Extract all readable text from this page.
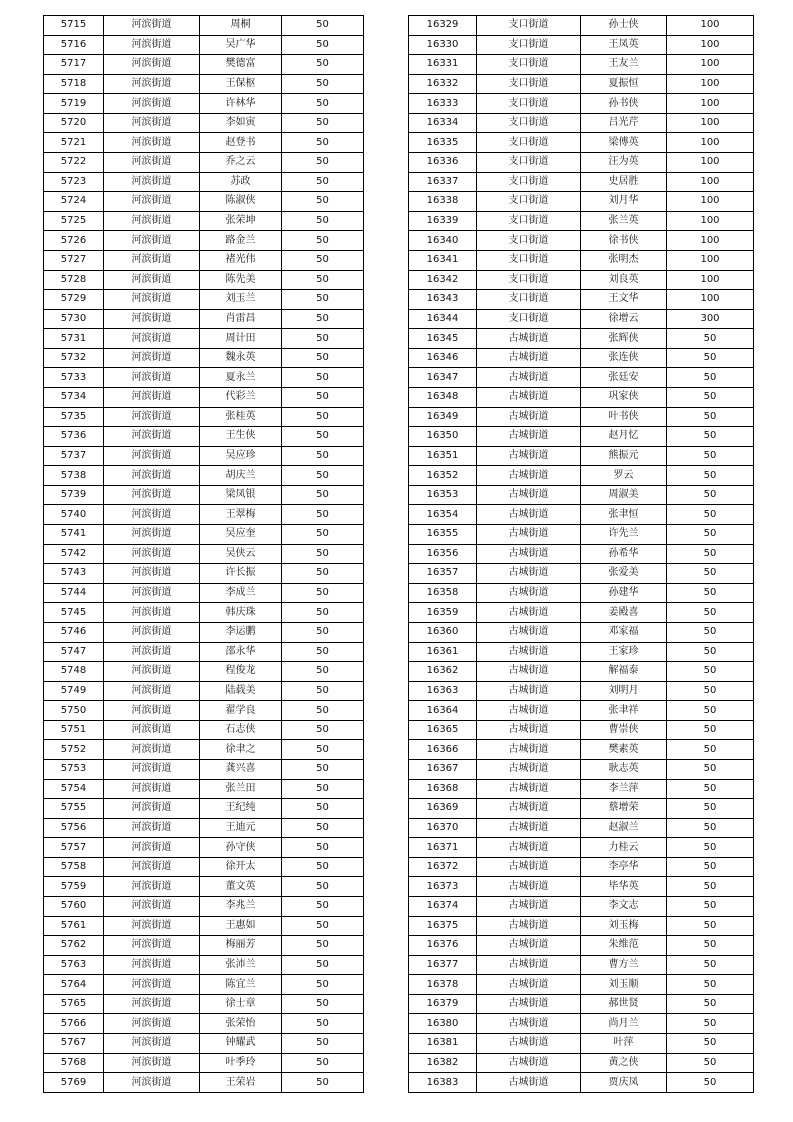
5715	河滨街道	周桐	50
5716	河滨街道	吴广华	50
5717	河滨街道	樊德富	50
5718	河滨街道	王保枢	50
5719	河滨街道	许林华	50
5720	河滨街道	李如寅	50
5721	河滨街道	赵登书	50
5722	河滨街道	乔之云	50
5723	河滨街道	苏政	50
5724	河滨街道	陈淑侠	50
5725	河滨街道	张荣坤	50
5726	河滨街道	路金兰	50
5727	河滨街道	褚光伟	50
5728	河滨街道	陈先美	50
5729	河滨街道	刘玉兰	50
5730	河滨街道	肖雷昌	50
5731	河滨街道	周计田	50
5732	河滨街道	魏永英	50
5733	河滨街道	夏永兰	50
5734	河滨街道	代彩兰	50
5735	河滨街道	张桂英	50
5736	河滨街道	王生侠	50
5737	河滨街道	吴应珍	50
5738	河滨街道	胡庆兰	50
5739	河滨街道	梁凤银	50
5740	河滨街道	王翠梅	50
5741	河滨街道	吴应奎	50
5742	河滨街道	吴侠云	50
5743	河滨街道	许长振	50
5744	河滨街道	李成兰	50
5745	河滨街道	韩庆珠	50
5746	河滨街道	李运鹏	50
5747	河滨街道	邵永华	50
5748	河滨街道	程俊龙	50
5749	河滨街道	陆载美	50
5750	河滨街道	翟学良	50
5751	河滨街道	石志侠	50
5752	河滨街道	徐聿之	50
5753	河滨街道	龚兴喜	50
5754	河滨街道	张兰田	50
5755	河滨街道	王纪纯	50
5756	河滨街道	王迪元	50
5757	河滨街道	孙守侠	50
5758	河滨街道	徐开太	50
5759	河滨街道	董文英	50
5760	河滨街道	李兆兰	50
5761	河滨街道	王惠如	50
5762	河滨街道	梅丽芳	50
5763	河滨街道	张沛兰	50
5764	河滨街道	陈宜兰	50
5765	河滨街道	徐士章	50
5766	河滨街道	张荣怡	50
5767	河滨街道	钟耀武	50
5768	河滨街道	叶季玲	50
5769	河滨街道	王荣岩	50
16329	支口街道	孙士侠	100
16330	支口街道	王凤英	100
16331	支口街道	王友兰	100
16332	支口街道	夏振恒	100
16333	支口街道	孙书侠	100
16334	支口街道	吕光芹	100
16335	支口街道	梁傅英	100
16336	支口街道	汪为英	100
16337	支口街道	史居胜	100
16338	支口街道	刘月华	100
16339	支口街道	张兰英	100
16340	支口街道	徐书侠	100
16341	支口街道	张明杰	100
16342	支口街道	刘良英	100
16343	支口街道	王文华	100
16344	支口街道	徐增云	300
16345	古城街道	张辉侠	50
16346	古城街道	张连侠	50
16347	古城街道	张廷安	50
16348	古城街道	巩家侠	50
16349	古城街道	叶书侠	50
16350	古城街道	赵月忆	50
16351	古城街道	熊振元	50
16352	古城街道	罗云	50
16353	古城街道	周淑美	50
16354	古城街道	张聿恒	50
16355	古城街道	许先兰	50
16356	古城街道	孙希华	50
16357	古城街道	张爱美	50
16358	古城街道	孙建华	50
16359	古城街道	姜殿喜	50
16360	古城街道	邓家福	50
16361	古城街道	王家珍	50
16362	古城街道	解福泰	50
16363	古城街道	刘明月	50
16364	古城街道	张聿祥	50
16365	古城街道	曹崇侠	50
16366	古城街道	樊素英	50
16367	古城街道	耿志英	50
16368	古城街道	李兰萍	50
16369	古城街道	蔡增荣	50
16370	古城街道	赵淑兰	50
16371	古城街道	力桂云	50
16372	古城街道	李亭华	50
16373	古城街道	毕华英	50
16374	古城街道	李文志	50
16375	古城街道	刘玉梅	50
16376	古城街道	朱维范	50
16377	古城街道	曹方兰	50
16378	古城街道	刘玉顺	50
16379	古城街道	郝世贤	50
16380	古城街道	尚月兰	50
16381	古城街道	叶萍	50
16382	古城街道	黄之侠	50
16383	古城街道	贾庆凤	50
